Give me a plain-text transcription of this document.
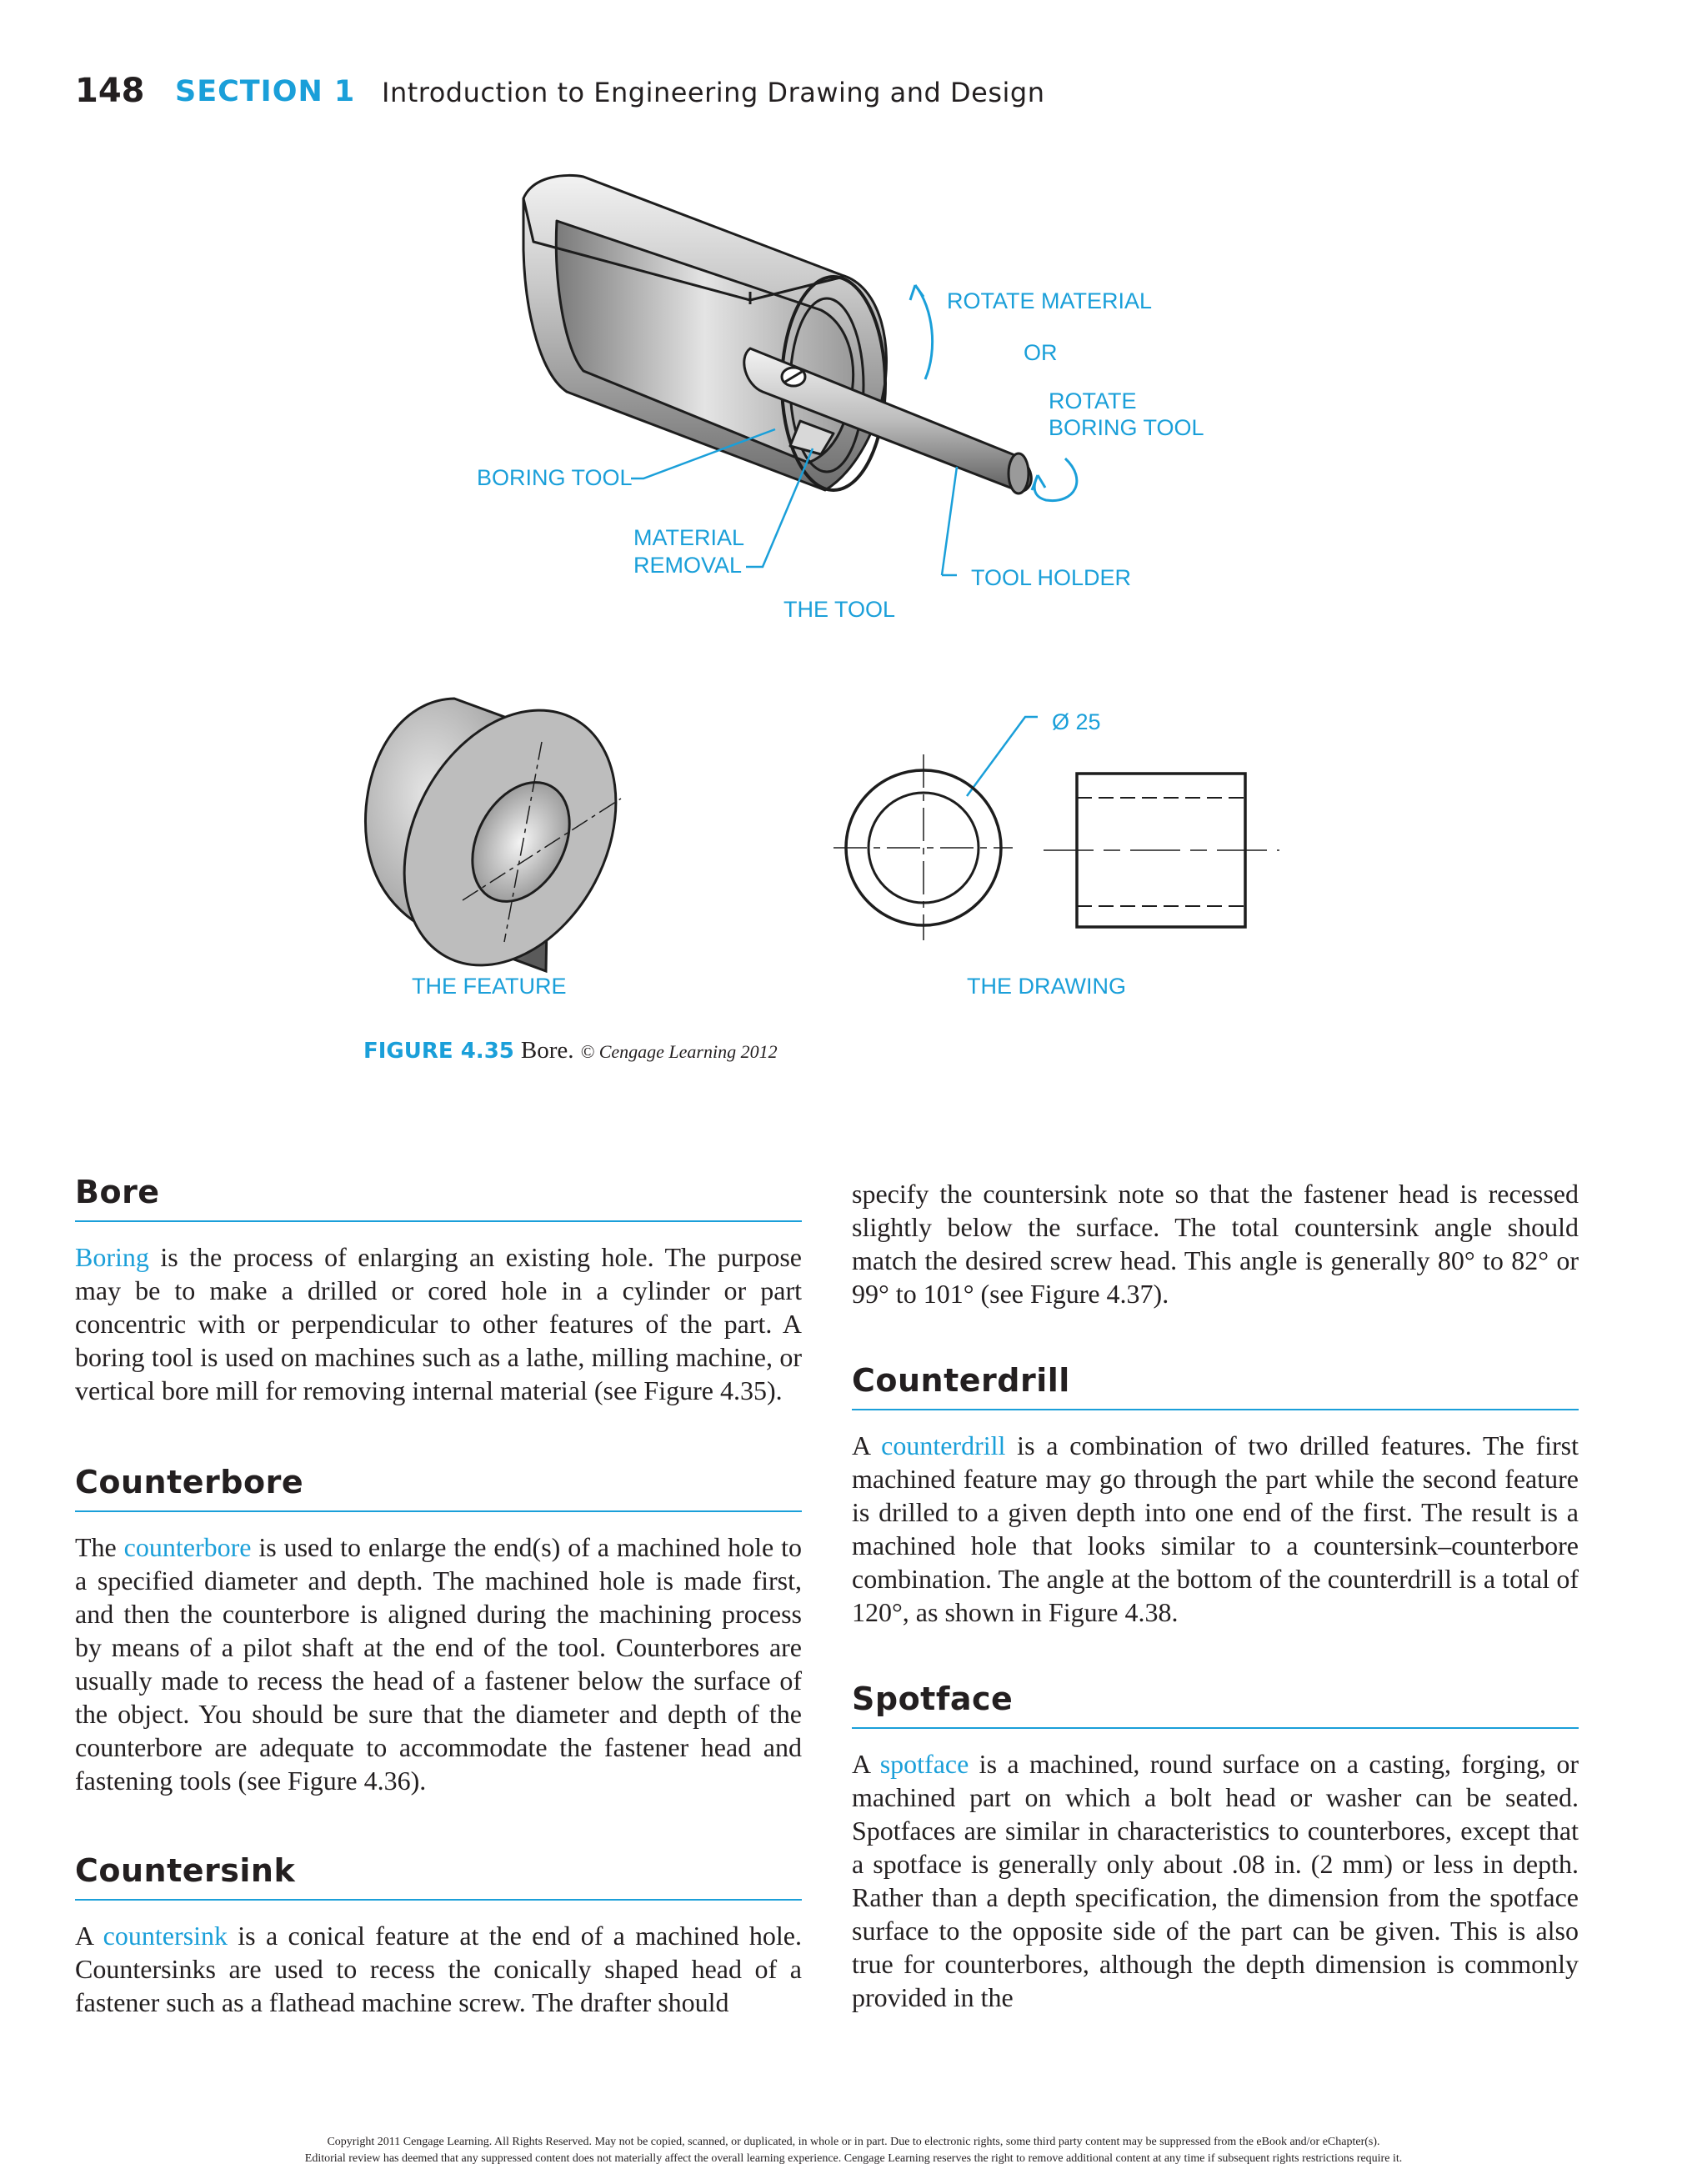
148 SECTION 1 Introduction to Engineering Drawing and Design
ROTATE MATERIAL
OR
ROTATE
BORING TOOL
BORING TOOL
MATERIAL
REMOVAL	TOOL HOLDER
THE TOOL
Ø 25
THE FEATURE	THE DRAWING
FIGURE 4.35 Bore. © Cengage Learning 2012
Bore

Boring is the process of enlarging an existing hole. The purpose may be to make a drilled or cored hole in a cylinder or part concentric with or perpendicular to other features of the part. A boring tool is used on machines such as a lathe, milling machine, or vertical bore mill for removing internal material (see Figure 4.35).

Counterbore

The counterbore is used to enlarge the end(s) of a machined hole to a specified diameter and depth. The machined hole is made first, and then the counterbore is aligned during the machining process by means of a pilot shaft at the end of the tool. Counterbores are usually made to recess the head of a fastener below the surface of the object. You should be sure that the diameter and depth of the counterbore are adequate to accommodate the fastener head and fastening tools (see Figure 4.36).

Countersink

A countersink is a conical feature at the end of a machined hole. Countersinks are used to recess the conically shaped head of a fastener such as a flathead machine screw. The drafter should

specify the countersink note so that the fastener head is recessed slightly below the surface. The total countersink angle should match the desired screw head. This angle is generally 80° to 82° or 99° to 101° (see Figure 4.37).

Counterdrill

A counterdrill is a combination of two drilled features. The first machined feature may go through the part while the second feature is drilled to a given depth into one end of the first. The result is a machined hole that looks similar to a countersink–counterbore combination. The angle at the bottom of the counterdrill is a total of 120°, as shown in Figure 4.38.

Spotface

A spotface is a machined, round surface on a casting, forging, or machined part on which a bolt head or washer can be seated. Spotfaces are similar in characteristics to counterbores, except that a spotface is generally only about .08 in. (2 mm) or less in depth. Rather than a depth specification, the dimension from the spotface surface to the opposite side of the part can be given. This is also true for counterbores, although the depth dimension is commonly provided in the

Copyright 2011 Cengage Learning. All Rights Reserved. May not be copied, scanned, or duplicated, in whole or in part. Due to electronic rights, some third party content may be suppressed from the eBook and/or eChapter(s).
Editorial review has deemed that any suppressed content does not materially affect the overall learning experience. Cengage Learning reserves the right to remove additional content at any time if subsequent rights restrictions require it.
